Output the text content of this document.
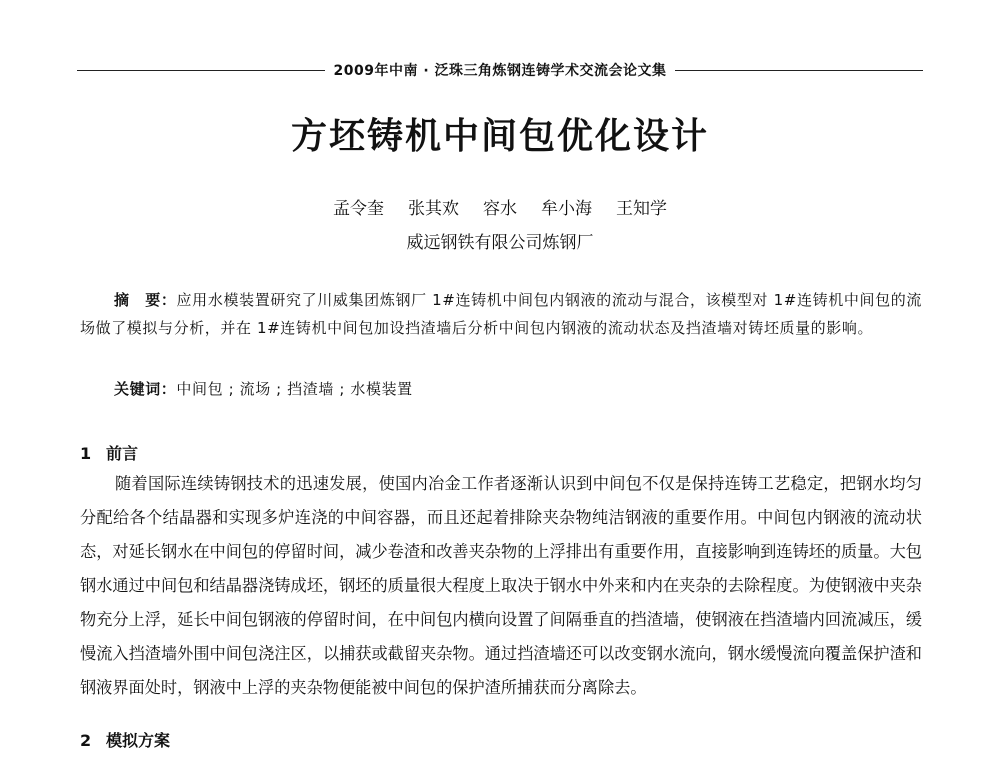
2009年中南 · 泛珠三角炼钢连铸学术交流会论文集
方坯铸机中间包优化设计
孟令奎 张其欢 容水 牟小海 王知学
威远钢铁有限公司炼钢厂
摘　要：应用水模装置研究了川威集团炼钢厂 1#连铸机中间包内钢液的流动与混合，该模型对 1#连铸机中间包的流场做了模拟与分析，并在 1#连铸机中间包加设挡渣墙后分析中间包内钢液的流动状态及挡渣墙对铸坯质量的影响。
关键词：中间包 ; 流场 ; 挡渣墙 ; 水模装置
1 前言
随着国际连续铸钢技术的迅速发展，使国内冶金工作者逐渐认识到中间包不仅是保持连铸工艺稳定，把钢水均匀分配给各个结晶器和实现多炉连浇的中间容器，而且还起着排除夹杂物纯洁钢液的重要作用。中间包内钢液的流动状态，对延长钢水在中间包的停留时间，减少卷渣和改善夹杂物的上浮排出有重要作用，直接影响到连铸坯的质量。大包钢水通过中间包和结晶器浇铸成坯，钢坯的质量很大程度上取决于钢水中外来和内在夹杂的去除程度。为使钢液中夹杂物充分上浮，延长中间包钢液的停留时间，在中间包内横向设置了间隔垂直的挡渣墙，使钢液在挡渣墙内回流减压，缓慢流入挡渣墙外围中间包浇注区，以捕获或截留夹杂物。通过挡渣墙还可以改变钢水流向，钢水缓慢流向覆盖保护渣和钢液界面处时，钢液中上浮的夹杂物便能被中间包的保护渣所捕获而分离除去。
2 模拟方案
